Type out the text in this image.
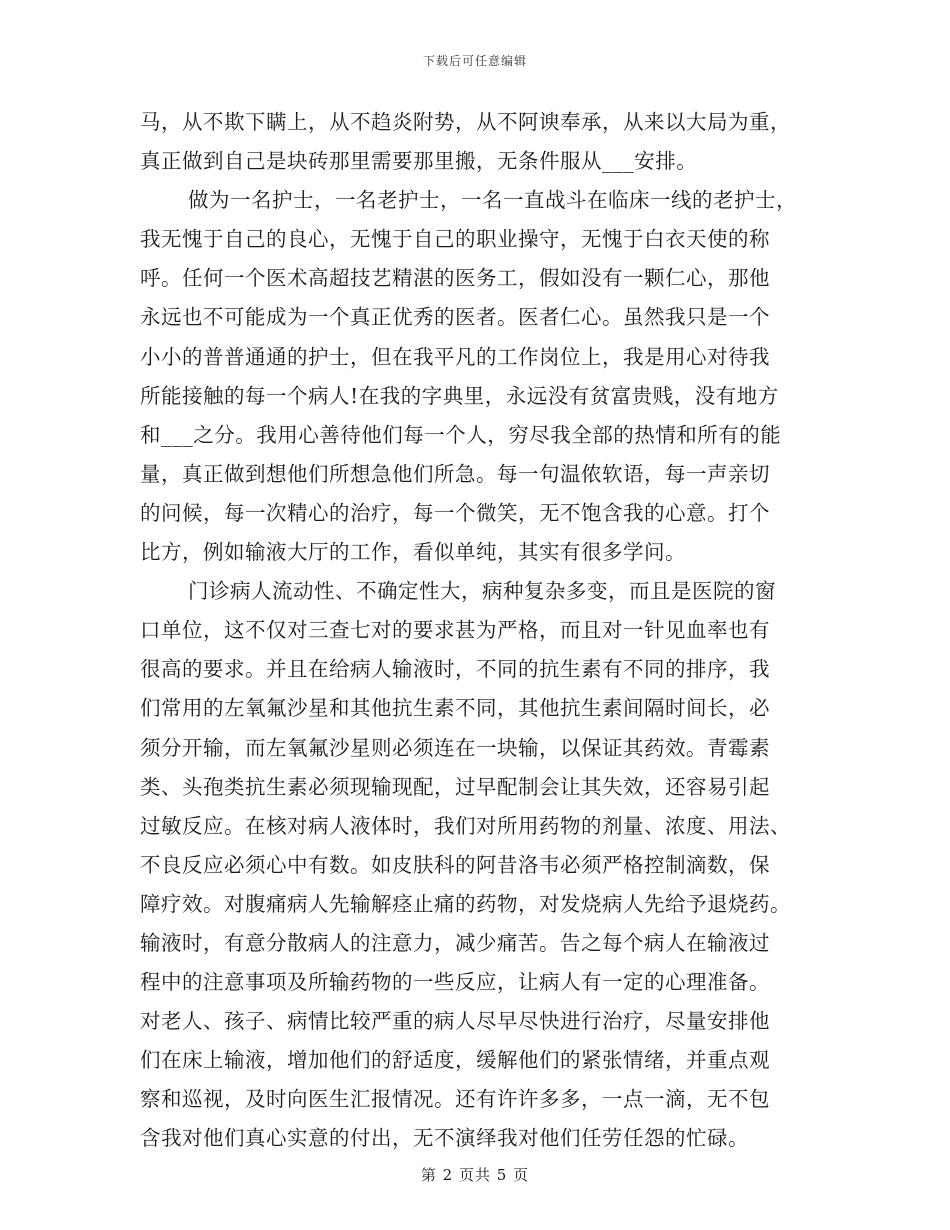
下载后可任意编辑
马，从不欺下瞒上，从不趋炎附势，从不阿谀奉承，从来以大局为重，
真正做到自己是块砖那里需要那里搬，无条件服从___安排。
做为一名护士，一名老护士，一名一直战斗在临床一线的老护士，
我无愧于自己的良心，无愧于自己的职业操守，无愧于白衣天使的称
呼。任何一个医术高超技艺精湛的医务工，假如没有一颗仁心，那他
永远也不可能成为一个真正优秀的医者。医者仁心。虽然我只是一个
小小的普普通通的护士，但在我平凡的工作岗位上，我是用心对待我
所能接触的每一个病人!在我的字典里，永远没有贫富贵贱，没有地方
和___之分。我用心善待他们每一个人，穷尽我全部的热情和所有的能
量，真正做到想他们所想急他们所急。每一句温侬软语，每一声亲切
的问候，每一次精心的治疗，每一个微笑，无不饱含我的心意。打个
比方，例如输液大厅的工作，看似单纯，其实有很多学问。
门诊病人流动性、不确定性大，病种复杂多变，而且是医院的窗
口单位，这不仅对三查七对的要求甚为严格，而且对一针见血率也有
很高的要求。并且在给病人输液时，不同的抗生素有不同的排序，我
们常用的左氧氟沙星和其他抗生素不同，其他抗生素间隔时间长，必
须分开输，而左氧氟沙星则必须连在一块输，以保证其药效。青霉素
类、头孢类抗生素必须现输现配，过早配制会让其失效，还容易引起
过敏反应。在核对病人液体时，我们对所用药物的剂量、浓度、用法、
不良反应必须心中有数。如皮肤科的阿昔洛韦必须严格控制滴数，保
障疗效。对腹痛病人先输解痉止痛的药物，对发烧病人先给予退烧药。
输液时，有意分散病人的注意力，减少痛苦。告之每个病人在输液过
程中的注意事项及所输药物的一些反应，让病人有一定的心理准备。
对老人、孩子、病情比较严重的病人尽早尽快进行治疗，尽量安排他
们在床上输液，增加他们的舒适度，缓解他们的紧张情绪，并重点观
察和巡视，及时向医生汇报情况。还有许许多多，一点一滴，无不包
含我对他们真心实意的付出，无不演绎我对他们任劳任怨的忙碌。
第 2 页共 5 页
